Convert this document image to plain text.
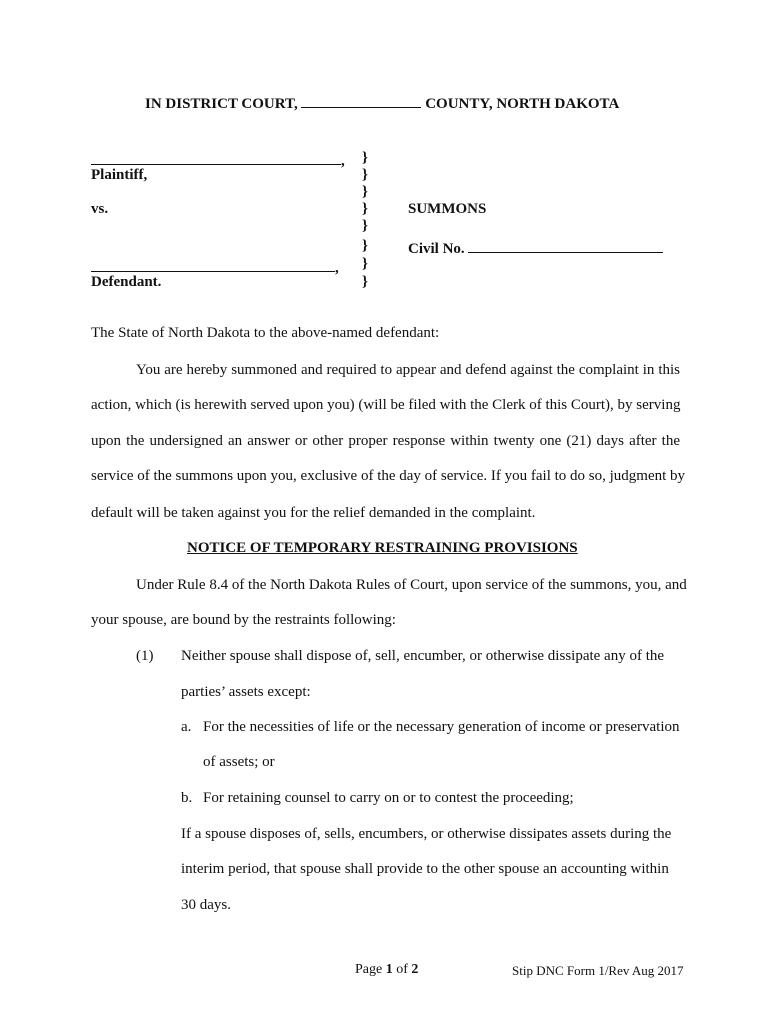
IN DISTRICT COURT,	COUNTY, NORTH DAKOTA
,
Plaintiff,
vs.
,
Defendant.
}
}
}
}
}
}
}
}
SUMMONS
Civil No.
The State of North Dakota to the above-named defendant:
You are hereby summoned and required to appear and defend against the complaint in this
action, which (is herewith served upon you) (will be filed with the Clerk of this Court), by serving
upon the undersigned an answer or other proper response within twenty one (21) days after the
service of the summons upon you, exclusive of the day of service. If you fail to do so, judgment by
default will be taken against you for the relief demanded in the complaint.
NOTICE OF TEMPORARY RESTRAINING PROVISIONS
Under Rule 8.4 of the North Dakota Rules of Court, upon service of the summons, you, and
your spouse, are bound by the restraints following:
(1) Neither spouse shall dispose of, sell, encumber, or otherwise dissipate any of the
parties’ assets except:
a. For the necessities of life or the necessary generation of income or preservation
of assets; or
b. For retaining counsel to carry on or to contest the proceeding;
If a spouse disposes of, sells, encumbers, or otherwise dissipates assets during the
interim period, that spouse shall provide to the other spouse an accounting within
30 days.
Page 1 of 2	Stip DNC Form 1/Rev Aug 2017
